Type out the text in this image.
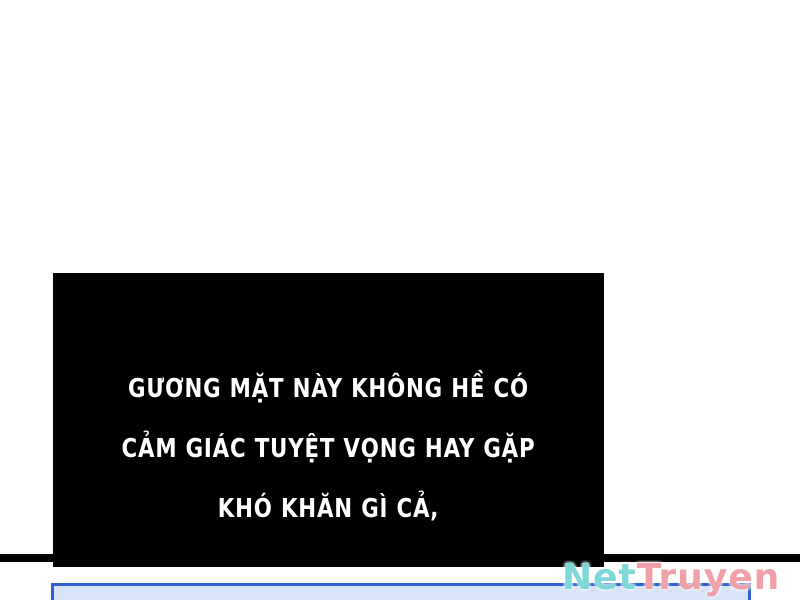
GƯƠNG MẶT NÀY KHÔNG HỀ CÓ
CẢM GIÁC TUYỆT VỌNG HAY GẶP
KHÓ KHĂN GÌ CẢ,
NetTruyen
